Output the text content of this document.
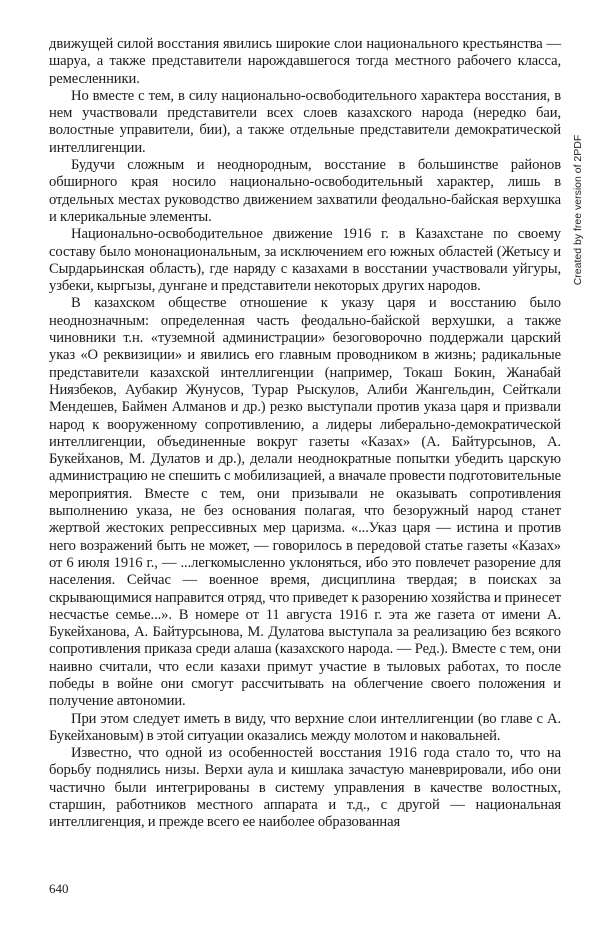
движущей силой восстания явились широкие слои национального крестьянства — шаруа, а также представители нарождавшегося тогда местного рабочего класса, ремесленники.

Но вместе с тем, в силу национально-освободительного характера восстания, в нем участвовали представители всех слоев казахского народа (нередко баи, волостные управители, бии), а также отдельные представители демократической интеллигенции.

Будучи сложным и неоднородным, восстание в большинстве районов обширного края носило национально-освободительный характер, лишь в отдельных местах руководство движением захватили феодально-байская верхушка и клерикальные элементы.

Национально-освободительное движение 1916 г. в Казахстане по своему составу было мононациональным, за исключением его южных областей (Жетысу и Сырдарьинская область), где наряду с казахами в восстании участвовали уйгуры, узбеки, кыргызы, дунгане и представители некоторых других народов.

В казахском обществе отношение к указу царя и восстанию было неоднозначным: определенная часть феодально-байской верхушки, а также чиновники т.н. «туземной администрации» безоговорочно поддержали царский указ «О реквизиции» и явились его главным проводником в жизнь; радикальные представители казахской интеллигенции (например, Токаш Бокин, Жанабай Ниязбеков, Аубакир Жунусов, Турар Рыскулов, Алиби Жангельдин, Сейткали Мендешев, Баймен Алманов и др.) резко выступали против указа царя и призвали народ к вооруженному сопротивлению, а лидеры либерально-демократической интеллигенции, объединенные вокруг газеты «Казах» (А. Байтурсынов, А. Букейханов, М. Дулатов и др.), делали неоднократные попытки убедить царскую администрацию не спешить с мобилизацией, а вначале провести подготовительные мероприятия. Вместе с тем, они призывали не оказывать сопротивления выполнению указа, не без основания полагая, что безоружный народ станет жертвой жестоких репрессивных мер царизма. «...Указ царя — истина и против него возражений быть не может, — говорилось в передовой статье газеты «Казах» от 6 июля 1916 г., — ...легкомысленно уклоняться, ибо это повлечет разорение для населения. Сейчас — военное время, дисциплина твердая; в поисках за скрывающимися направится отряд, что приведет к разорению хозяйства и принесет несчастье семье...». В номере от 11 августа 1916 г. эта же газета от имени А. Букейханова, А. Байтурсынова, М. Дулатова выступала за реализацию без всякого сопротивления приказа среди алаша (казахского народа. — Ред.). Вместе с тем, они наивно считали, что если казахи примут участие в тыловых работах, то после победы в войне они смогут рассчитывать на облегчение своего положения и получение автономии.

При этом следует иметь в виду, что верхние слои интеллигенции (во главе с А. Букейхановым) в этой ситуации оказались между молотом и наковальней.

Известно, что одной из особенностей восстания 1916 года стало то, что на борьбу поднялись низы. Верхи аула и кишлака зачастую маневрировали, ибо они частично были интегрированы в систему управления в качестве волостных, старшин, работников местного аппарата и т.д., с другой — национальная интеллигенция, и прежде всего ее наиболее образованная

640
Created by free version of 2PDF
